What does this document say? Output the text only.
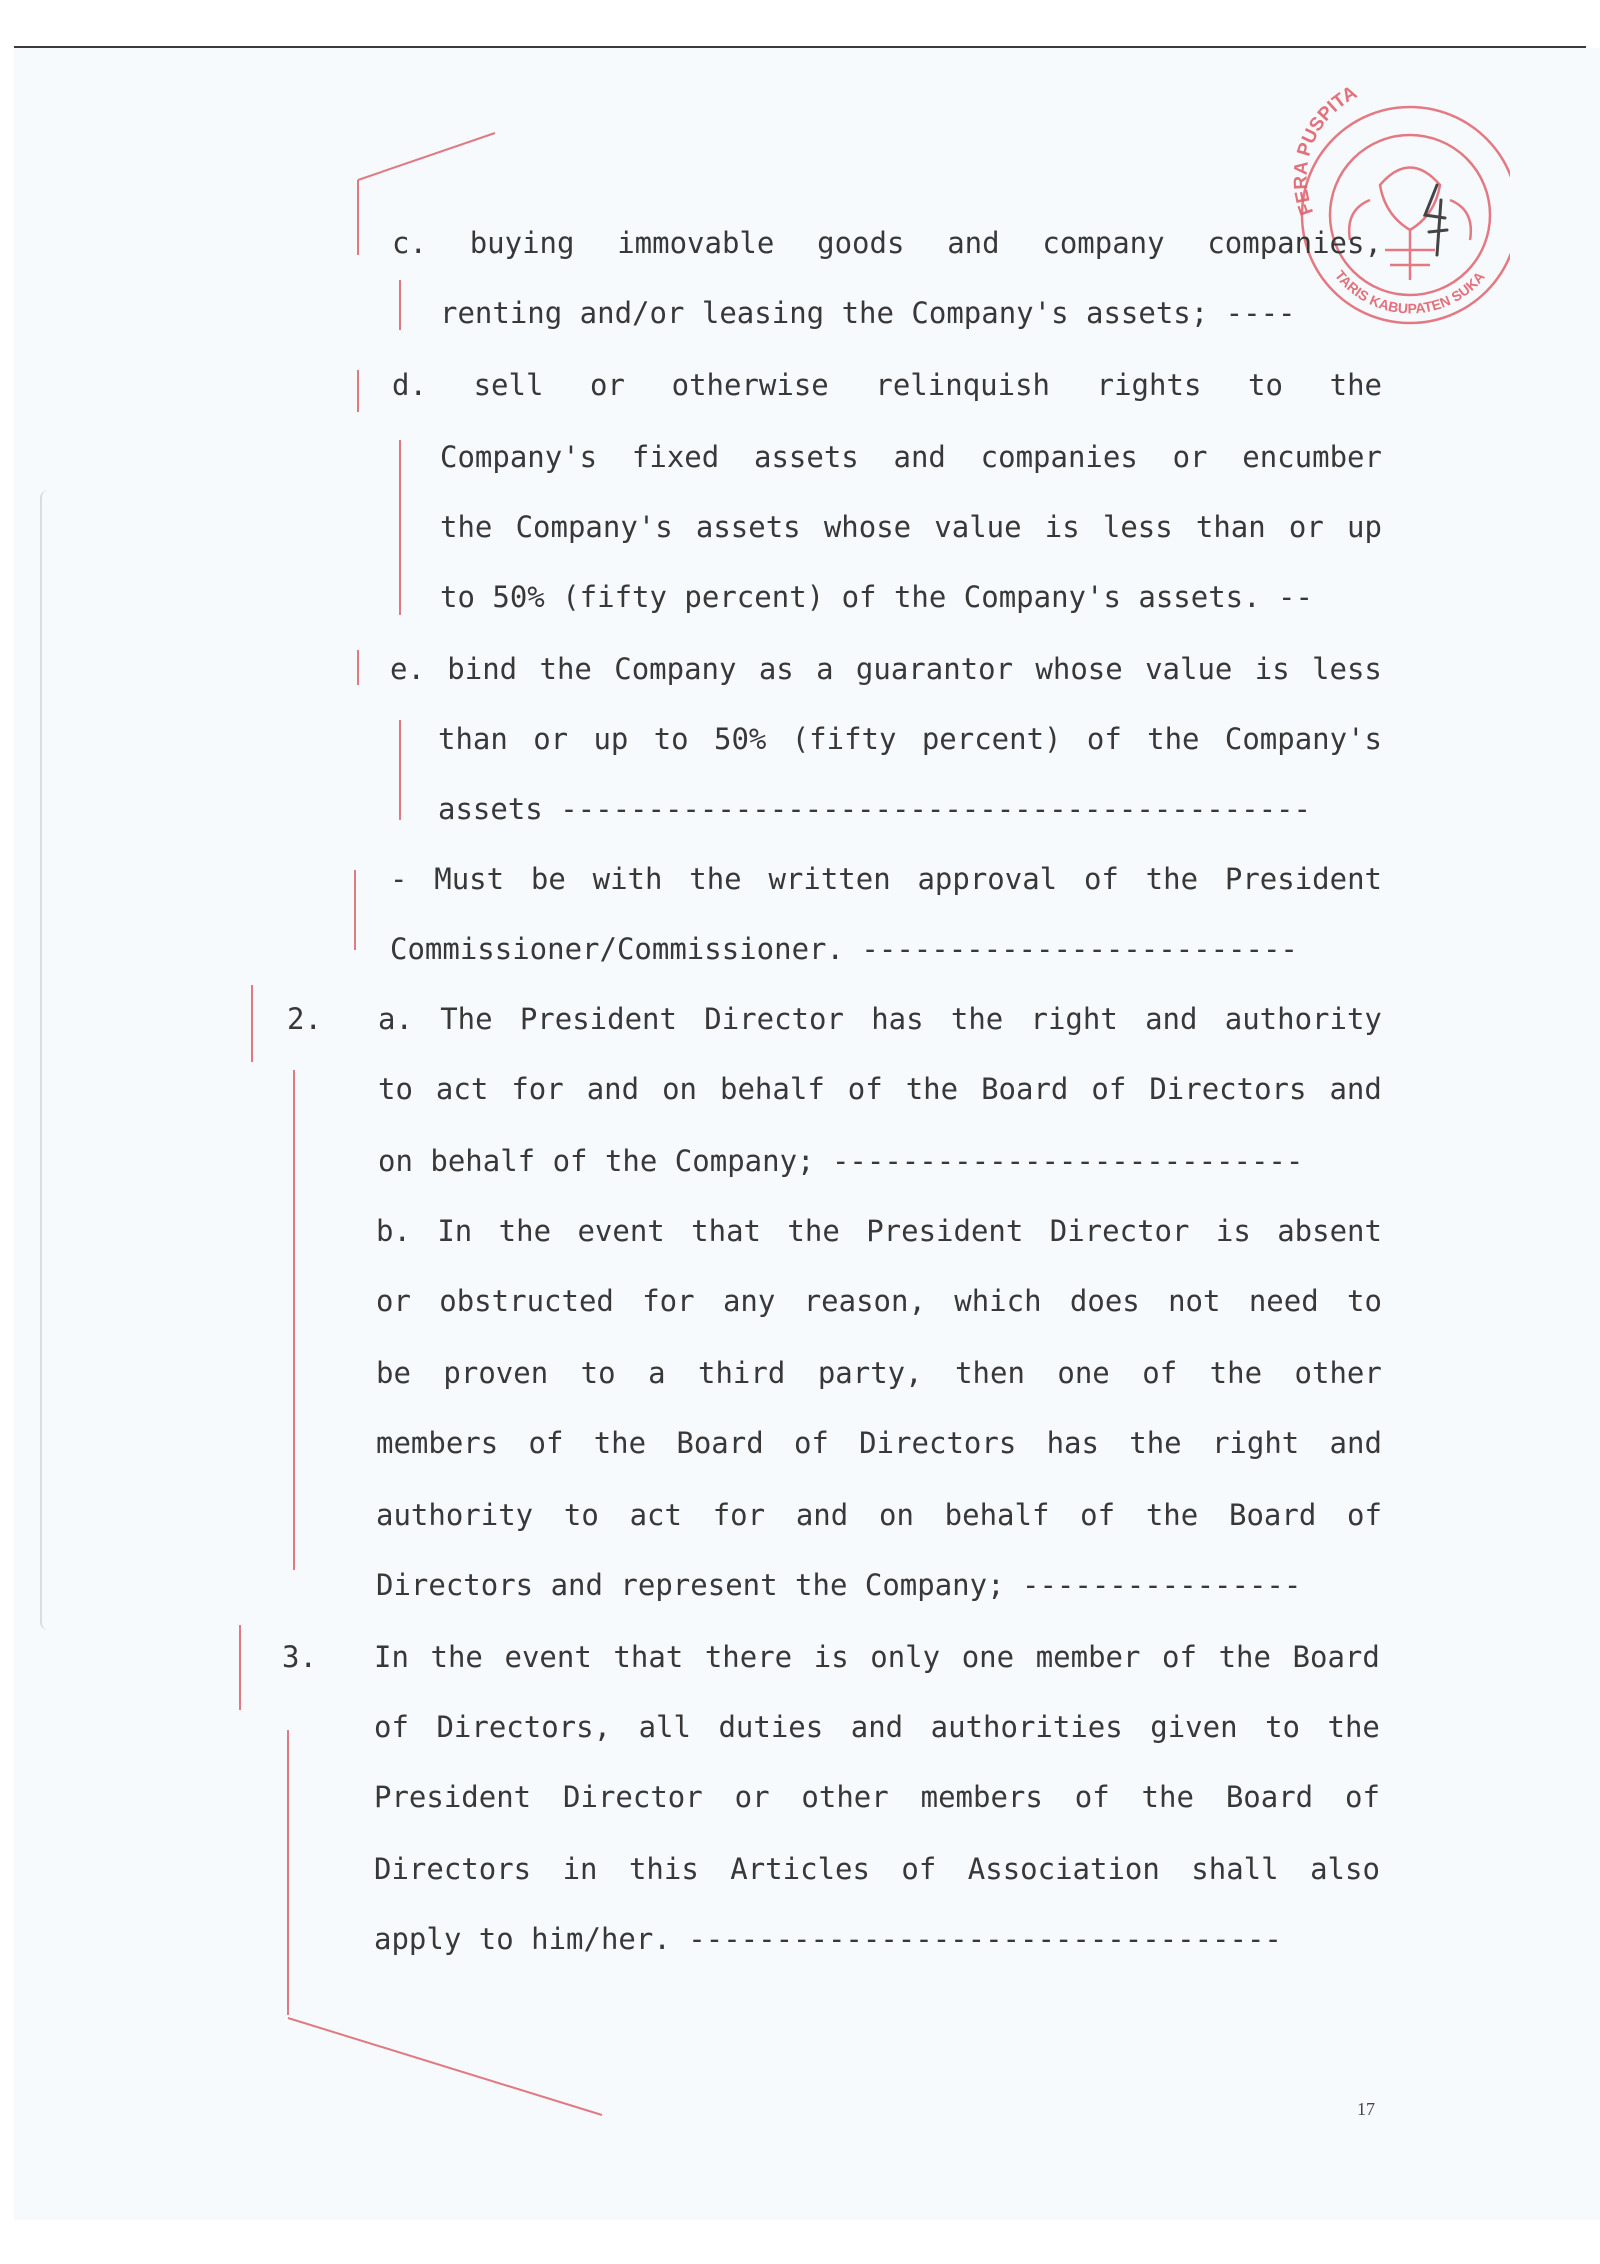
FERA PUSPITA
TARIS KABUPATEN SUKA

c. buying immovable goods and company companies,

renting and/or leasing the Company's assets; ----

d. sell or otherwise relinquish rights to the

Company's fixed assets and companies or encumber

the Company's assets whose value is less than or up

to 50% (fifty percent) of the Company's assets. --

e. bind the Company as a guarantor whose value is less

than or up to 50% (fifty percent) of the Company's

assets -------------------------------------------

- Must be with the written approval of the President

Commissioner/Commissioner. -------------------------

2. a. The President Director has the right and authority

to act for and on behalf of the Board of Directors and

on behalf of the Company; ---------------------------

b. In the event that the President Director is absent

or obstructed for any reason, which does not need to

be proven to a third party, then one of the other

members of the Board of Directors has the right and

authority to act for and on behalf of the Board of

Directors and represent the Company; ----------------

3. In the event that there is only one member of the Board

of Directors, all duties and authorities given to the

President Director or other members of the Board of

Directors in this Articles of Association shall also

apply to him/her. ----------------------------------

17
